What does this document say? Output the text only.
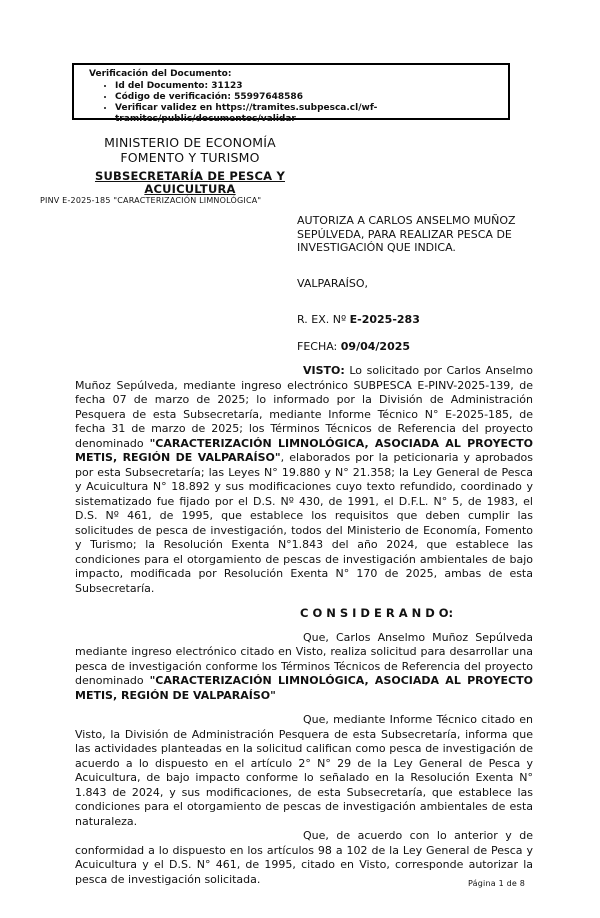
Verificación del Documento:
• Id del Documento: 31123
• Código de verificación: 55997648586
• Verificar validez en https://tramites.subpesca.cl/wf-tramites/public/documentos/validar
MINISTERIO DE ECONOMÍA
FOMENTO Y TURISMO
SUBSECRETARÍA DE PESCA Y
ACUICULTURA
PINV E-2025-185 "CARACTERIZACIÓN LIMNOLÓGICA"
AUTORIZA A CARLOS ANSELMO MUÑOZ SEPÚLVEDA, PARA REALIZAR PESCA DE INVESTIGACIÓN QUE INDICA.
VALPARAÍSO,
R. EX. Nº E-2025-283
FECHA: 09/04/2025

VISTO: Lo solicitado por Carlos Anselmo Muñoz Sepúlveda, mediante ingreso electrónico SUBPESCA E-PINV-2025-139, de fecha 07 de marzo de 2025; lo informado por la División de Administración Pesquera de esta Subsecretaría, mediante Informe Técnico N° E-2025-185, de fecha 31 de marzo de 2025; los Términos Técnicos de Referencia del proyecto denominado "CARACTERIZACIÓN LIMNOLÓGICA, ASOCIADA AL PROYECTO METIS, REGIÓN DE VALPARAÍSO", elaborados por la peticionaria y aprobados por esta Subsecretaría; las Leyes N° 19.880 y N° 21.358; la Ley General de Pesca y Acuicultura N° 18.892 y sus modificaciones cuyo texto refundido, coordinado y sistematizado fue fijado por el D.S. Nº 430, de 1991, el D.F.L. N° 5, de 1983, el D.S. Nº 461, de 1995, que establece los requisitos que deben cumplir las solicitudes de pesca de investigación, todos del Ministerio de Economía, Fomento y Turismo; la Resolución Exenta N°1.843 del año 2024, que establece las condiciones para el otorgamiento de pescas de investigación ambientales de bajo impacto, modificada por Resolución Exenta N° 170 de 2025, ambas de esta Subsecretaría.

C O N S I D E R A N D O:

Que, Carlos Anselmo Muñoz Sepúlveda mediante ingreso electrónico citado en Visto, realiza solicitud para desarrollar una pesca de investigación conforme los Términos Técnicos de Referencia del proyecto denominado "CARACTERIZACIÓN LIMNOLÓGICA, ASOCIADA AL PROYECTO METIS, REGIÓN DE VALPARAÍSO"

Que, mediante Informe Técnico citado en Visto, la División de Administración Pesquera de esta Subsecretaría, informa que las actividades planteadas en la solicitud califican como pesca de investigación de acuerdo a lo dispuesto en el artículo 2° N° 29 de la Ley General de Pesca y Acuicultura, de bajo impacto conforme lo señalado en la Resolución Exenta N° 1.843 de 2024, y sus modificaciones, de esta Subsecretaría, que establece las condiciones para el otorgamiento de pescas de investigación ambientales de esta naturaleza.

Que, de acuerdo con lo anterior y de conformidad a lo dispuesto en los artículos 98 a 102 de la Ley General de Pesca y Acuicultura y el D.S. N° 461, de 1995, citado en Visto, corresponde autorizar la pesca de investigación solicitada.	Página 1 de 8
